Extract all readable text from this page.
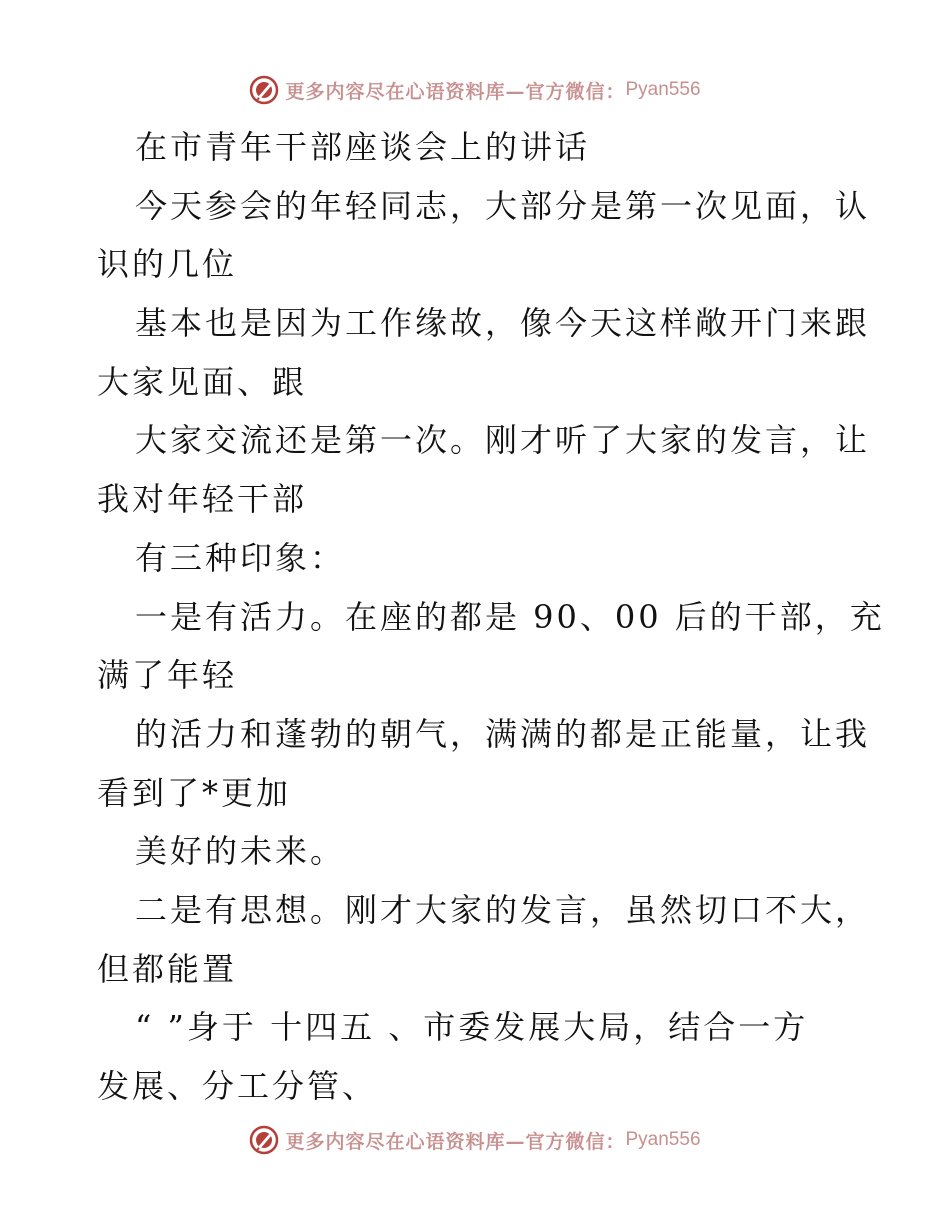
更多内容尽在心语资料库—官方微信： Pyan556
在市青年干部座谈会上的讲话
今天参会的年轻同志，大部分是第一次见面，认
识的几位
基本也是因为工作缘故，像今天这样敞开门来跟
大家见面、跟
大家交流还是第一次。刚才听了大家的发言，让
我对年轻干部
有三种印象：
一是有活力。在座的都是 90、00 后的干部，充
满了年轻
的活力和蓬勃的朝气，满满的都是正能量，让我
看到了*更加
美好的未来。
二是有思想。刚才大家的发言，虽然切口不大，
但都能置
“ ”身于 十四五 、市委发展大局，结合一方
发展、分工分管、
更多内容尽在心语资料库—官方微信： Pyan556
